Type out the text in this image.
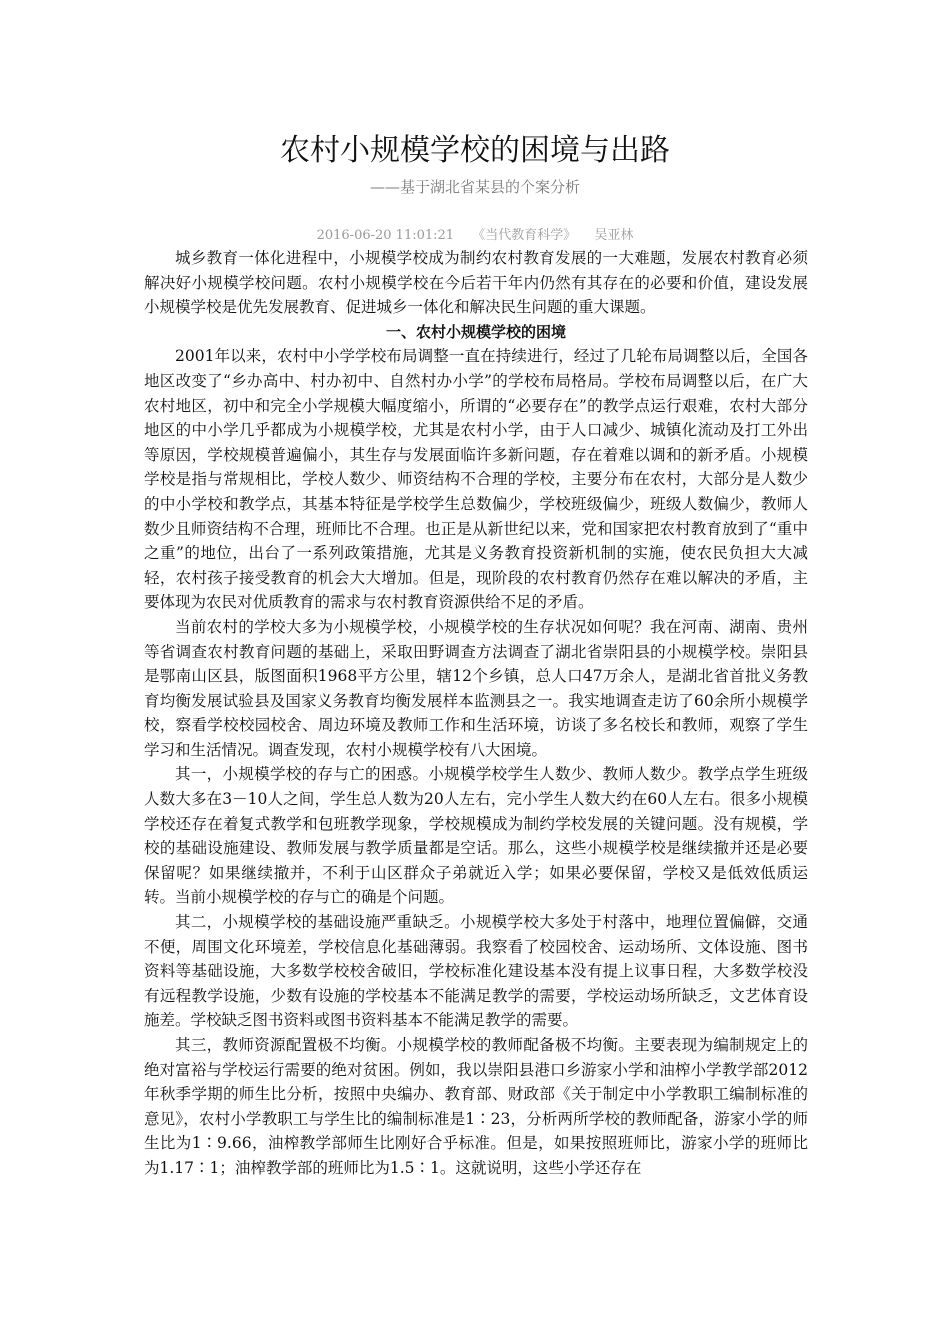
农村小规模学校的困境与出路
——基于湖北省某县的个案分析
2016-06-20 11:01:21 《当代教育科学》 吴亚林

城乡教育一体化进程中，小规模学校成为制约农村教育发展的一大难题，发展农村教育必须解决好小规模学校问题。农村小规模学校在今后若干年内仍然有其存在的必要和价值，建设发展小规模学校是优先发展教育、促进城乡一体化和解决民生问题的重大课题。

一、农村小规模学校的困境

2001年以来，农村中小学学校布局调整一直在持续进行，经过了几轮布局调整以后，全国各地区改变了“乡办高中、村办初中、自然村办小学”的学校布局格局。学校布局调整以后，在广大农村地区，初中和完全小学规模大幅度缩小，所谓的“必要存在”的教学点运行艰难，农村大部分地区的中小学几乎都成为小规模学校，尤其是农村小学，由于人口减少、城镇化流动及打工外出等原因，学校规模普遍偏小，其生存与发展面临许多新问题，存在着难以调和的新矛盾。小规模学校是指与常规相比，学校人数少、师资结构不合理的学校，主要分布在农村，大部分是人数少的中小学校和教学点，其基本特征是学校学生总数偏少，学校班级偏少，班级人数偏少，教师人数少且师资结构不合理，班师比不合理。也正是从新世纪以来，党和国家把农村教育放到了“重中之重”的地位，出台了一系列政策措施，尤其是义务教育投资新机制的实施，使农民负担大大减轻，农村孩子接受教育的机会大大增加。但是，现阶段的农村教育仍然存在难以解决的矛盾，主要体现为农民对优质教育的需求与农村教育资源供给不足的矛盾。

当前农村的学校大多为小规模学校，小规模学校的生存状况如何呢？我在河南、湖南、贵州等省调查农村教育问题的基础上，采取田野调查方法调查了湖北省崇阳县的小规模学校。崇阳县是鄂南山区县，版图面积1968平方公里，辖12个乡镇，总人口47万余人，是湖北省首批义务教育均衡发展试验县及国家义务教育均衡发展样本监测县之一。我实地调查走访了60余所小规模学校，察看学校校园校舍、周边环境及教师工作和生活环境，访谈了多名校长和教师，观察了学生学习和生活情况。调查发现，农村小规模学校有八大困境。

其一，小规模学校的存与亡的困惑。小规模学校学生人数少、教师人数少。教学点学生班级人数大多在3－10人之间，学生总人数为20人左右，完小学生人数大约在60人左右。很多小规模学校还存在着复式教学和包班教学现象，学校规模成为制约学校发展的关键问题。没有规模，学校的基础设施建设、教师发展与教学质量都是空话。那么，这些小规模学校是继续撤并还是必要保留呢？如果继续撤并，不利于山区群众子弟就近入学；如果必要保留，学校又是低效低质运转。当前小规模学校的存与亡的确是个问题。

其二，小规模学校的基础设施严重缺乏。小规模学校大多处于村落中，地理位置偏僻，交通不便，周围文化环境差，学校信息化基础薄弱。我察看了校园校舍、运动场所、文体设施、图书资料等基础设施，大多数学校校舍破旧，学校标准化建设基本没有提上议事日程，大多数学校没有远程教学设施，少数有设施的学校基本不能满足教学的需要，学校运动场所缺乏，文艺体育设施差。学校缺乏图书资料或图书资料基本不能满足教学的需要。

其三，教师资源配置极不均衡。小规模学校的教师配备极不均衡。主要表现为编制规定上的绝对富裕与学校运行需要的绝对贫困。例如，我以崇阳县港口乡游家小学和油榨小学教学部2012年秋季学期的师生比分析，按照中央编办、教育部、财政部《关于制定中小学教职工编制标准的意见》，农村小学教职工与学生比的编制标准是1∶23，分析两所学校的教师配备，游家小学的师生比为1∶9.66，油榨教学部师生比刚好合乎标准。但是，如果按照班师比，游家小学的班师比为1.17∶1；油榨教学部的班师比为1.5∶1。这就说明，这些小学还存在
